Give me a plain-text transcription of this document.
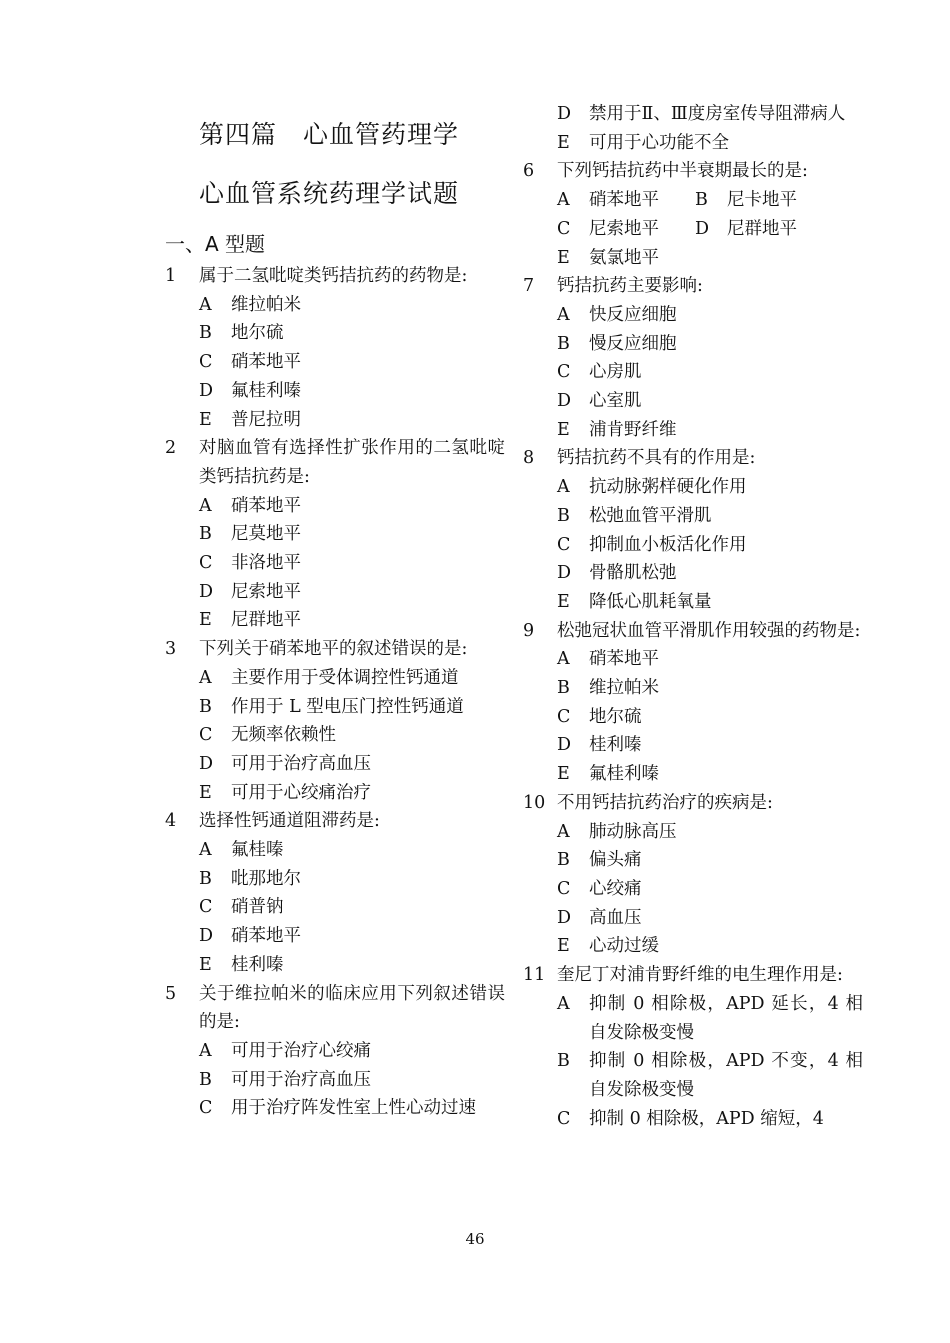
第四篇　心血管药理学
心血管系统药理学试题
一、A 型题
1	属于二氢吡啶类钙拮抗药的药物是:
A	维拉帕米
B	地尔硫
C	硝苯地平
D	氟桂利嗪
E	普尼拉明
2	对脑血管有选择性扩张作用的二氢吡啶类钙拮抗药是:
A	硝苯地平
B	尼莫地平
C	非洛地平
D	尼索地平
E	尼群地平
3	下列关于硝苯地平的叙述错误的是:
A	主要作用于受体调控性钙通道
B	作用于 L 型电压门控性钙通道
C	无频率依赖性
D	可用于治疗高血压
E	可用于心绞痛治疗
4	选择性钙通道阻滞药是:
A	氟桂嗪
B	吡那地尔
C	硝普钠
D	硝苯地平
E	桂利嗪
5	关于维拉帕米的临床应用下列叙述错误的是:
A	可用于治疗心绞痛
B	可用于治疗高血压
C	用于治疗阵发性室上性心动过速
D	禁用于Ⅱ、Ⅲ度房室传导阻滞病人
E	可用于心功能不全
6	下列钙拮抗药中半衰期最长的是:
A	硝苯地平 B	尼卡地平
C	尼索地平 D	尼群地平
E	氨氯地平
7	钙拮抗药主要影响:
A	快反应细胞
B	慢反应细胞
C	心房肌
D	心室肌
E	浦肯野纤维
8	钙拮抗药不具有的作用是:
A	抗动脉粥样硬化作用
B	松弛血管平滑肌
C	抑制血小板活化作用
D	骨骼肌松弛
E	降低心肌耗氧量
9	松弛冠状血管平滑肌作用较强的药物是:
A	硝苯地平
B	维拉帕米
C	地尔硫
D	桂利嗪
E	氟桂利嗪
10 不用钙拮抗药治疗的疾病是:
A	肺动脉高压
B	偏头痛
C	心绞痛
D	高血压
E	心动过缓
11 奎尼丁对浦肯野纤维的电生理作用是:
A	抑制 0 相除极，APD 延长，4 相自发除极变慢
B	抑制 0 相除极，APD 不变，4 相自发除极变慢
C	抑制 0 相除极，APD 缩短，4
46
